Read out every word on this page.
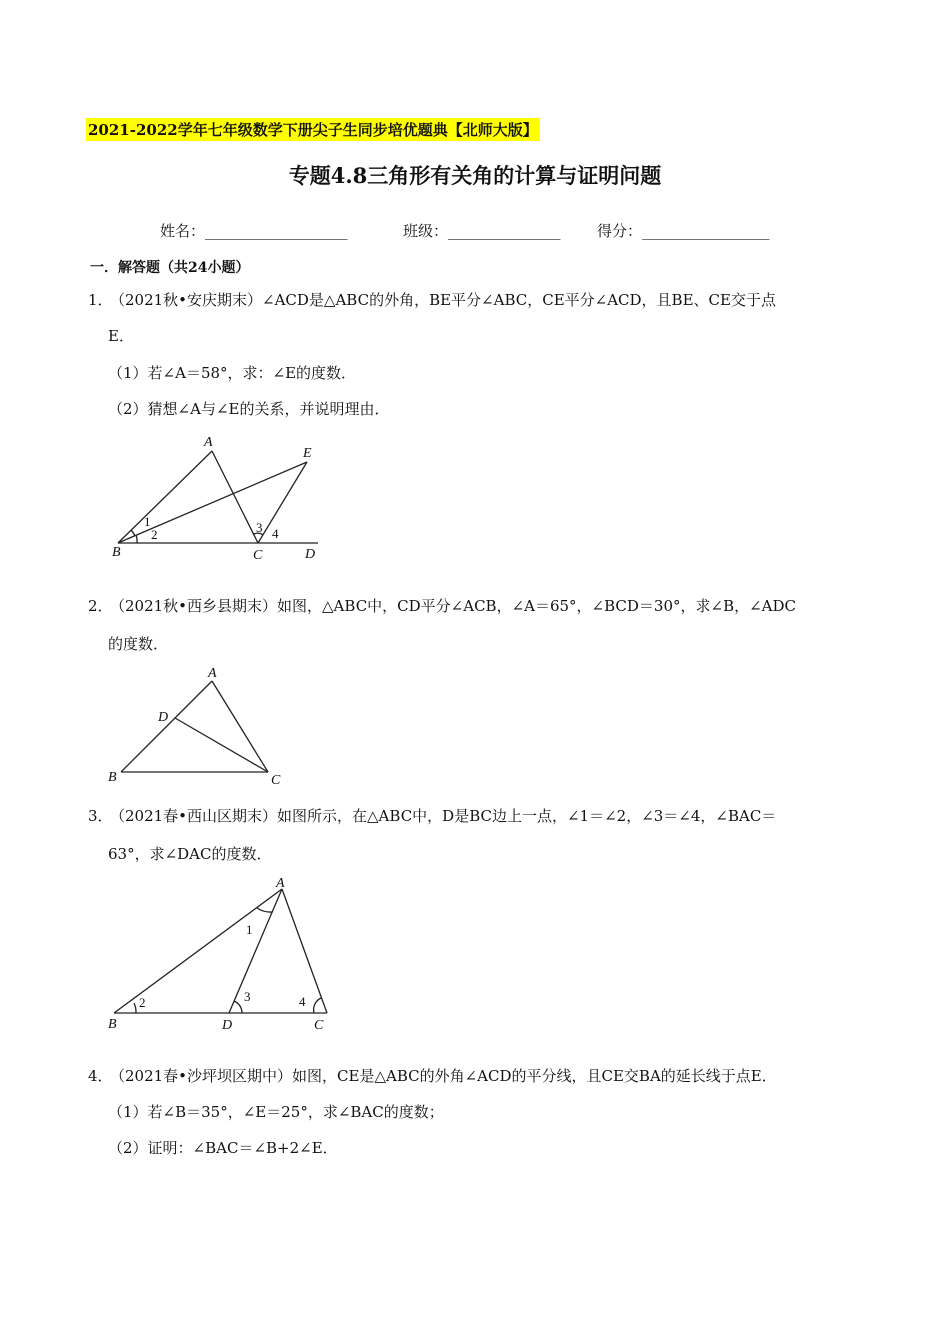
2021-2022学年七年级数学下册尖子生同步培优题典【北师大版】
专题4.8三角形有关角的计算与证明问题
姓名：___________________	班级：_______________ 得分：_________________
一．解答题（共24小题）
1．（2021秋•安庆期末）∠ACD是△ABC的外角，BE平分∠ABC，CE平分∠ACD，且BE、CE交于点
E．
（1）若∠A＝58°，求：∠E的度数．
（2）猜想∠A与∠E的关系，并说明理由．
A
E
B	C	D
1
2	3 4
A
D
B	C
A
B	D	C
1
2	3	4
2．（2021秋•西乡县期末）如图，△ABC中，CD平分∠ACB，∠A＝65°，∠BCD＝30°，求∠B，∠ADC
的度数．
3．（2021春•西山区期末）如图所示，在△ABC中，D是BC边上一点，∠1＝∠2，∠3＝∠4，∠BAC＝
63°，求∠DAC的度数．
4．（2021春•沙坪坝区期中）如图，CE是△ABC的外角∠ACD的平分线，且CE交BA的延长线于点E．
（1）若∠B＝35°，∠E＝25°，求∠BAC的度数；
（2）证明：∠BAC＝∠B+2∠E．
